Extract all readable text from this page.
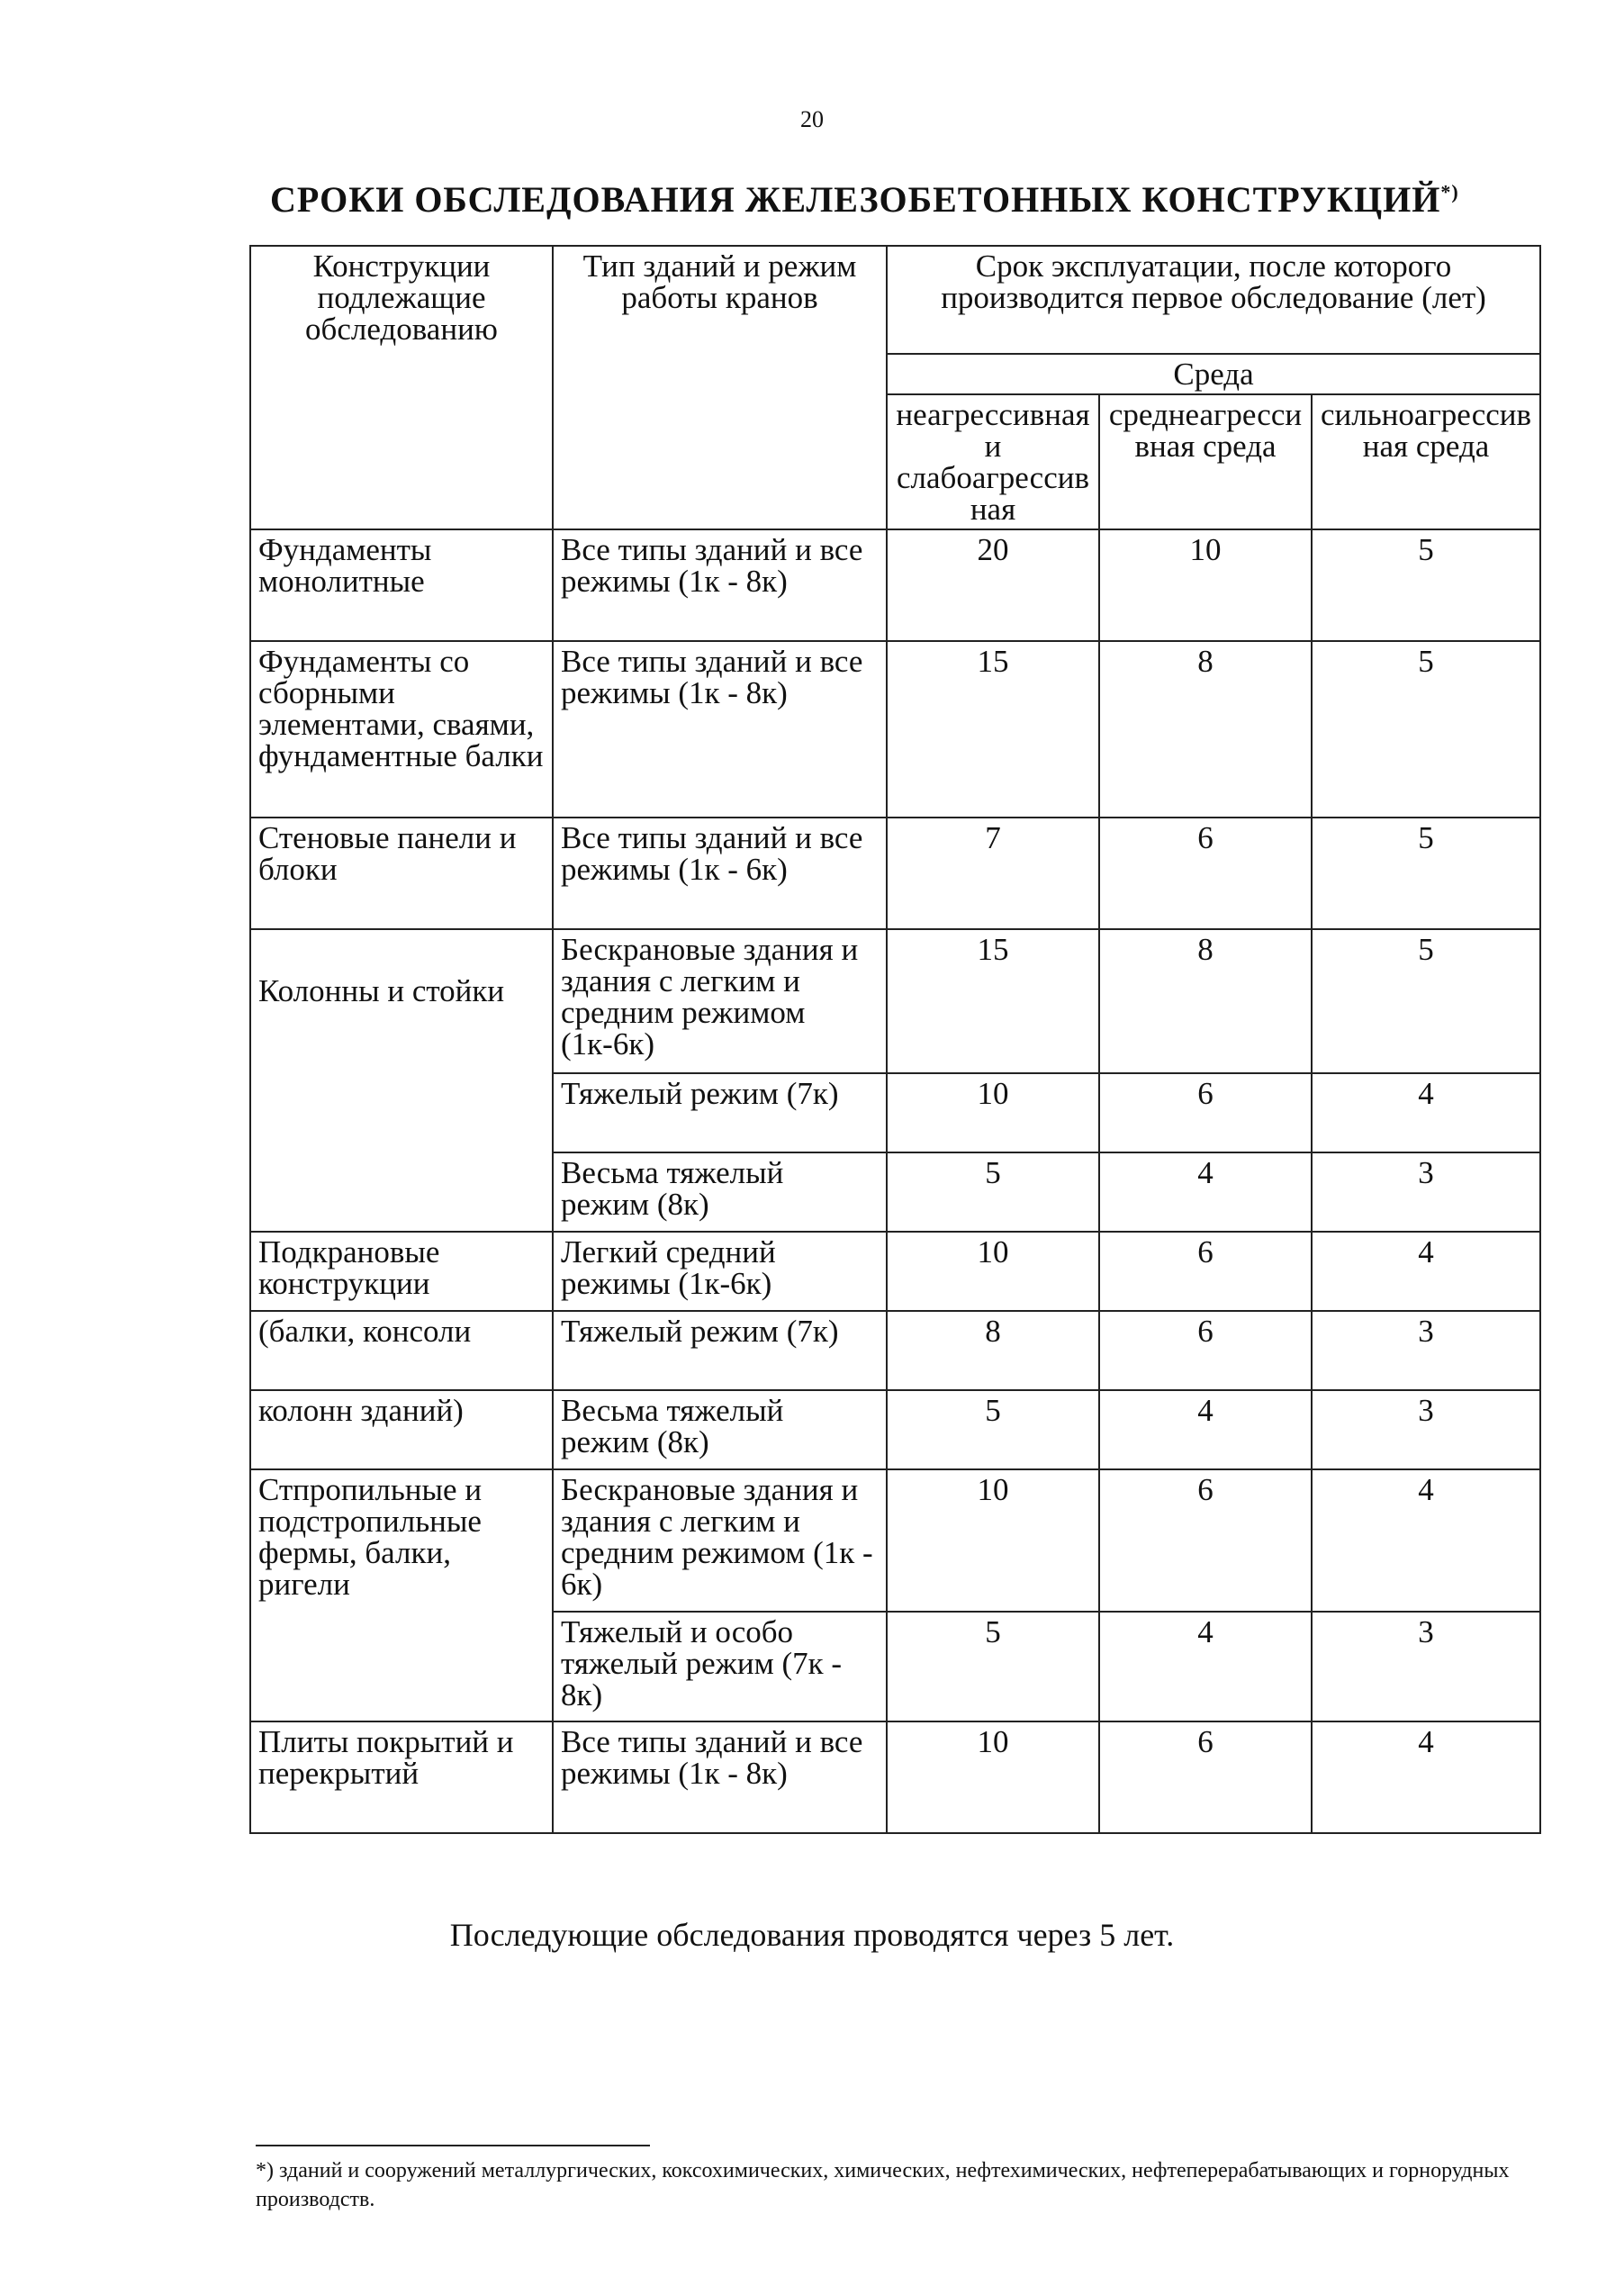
20
СРОКИ ОБСЛЕДОВАНИЯ ЖЕЛЕЗОБЕТОННЫХ КОНСТРУКЦИЙ*)
Конструкции подлежащие обследованию	Тип зданий и режим работы кранов	Срок эксплуатации, после которого производится первое обследование (лет)		
		Среда		
		неагрессивная и слабоагрессивная	среднеагрессивная среда	сильноагрессивная среда
Фундаменты монолитные	Все типы зданий и все режимы (1к - 8к)	20	10	5
Фундаменты со сборными элементами, сваями, фундаментные балки	Все типы зданий и все режимы (1к - 8к)	15	8	5
Стеновые панели и блоки	Все типы зданий и все режимы (1к - 6к)	7	6	5
Колонны и стойки	Бескрановые здания и здания с легким и средним режимом (1к-6к)	15	8	5
	Тяжелый режим (7к)	10	6	4
	Весьма тяжелый режим (8к)	5	4	3
Подкрановые конструкции	Легкий средний режимы (1к-6к)	10	6	4
(балки, консоли	Тяжелый режим (7к)	8	6	3
колонн зданий)	Весьма тяжелый режим (8к)	5	4	3
Стпропильные и подстропильные фермы, балки, ригели	Бескрановые здания и здания с легким и средним режимом (1к - 6к)	10	6	4
	Тяжелый и особо тяжелый режим (7к - 8к)	5	4	3
Плиты покрытий и перекрытий	Все типы зданий и все режимы (1к - 8к)	10	6	4
Последующие обследования проводятся через 5 лет.
*) зданий и сооружений металлургических, коксохимических, химических, нефтехимических, нефтеперерабатывающих и горнорудных производств.
